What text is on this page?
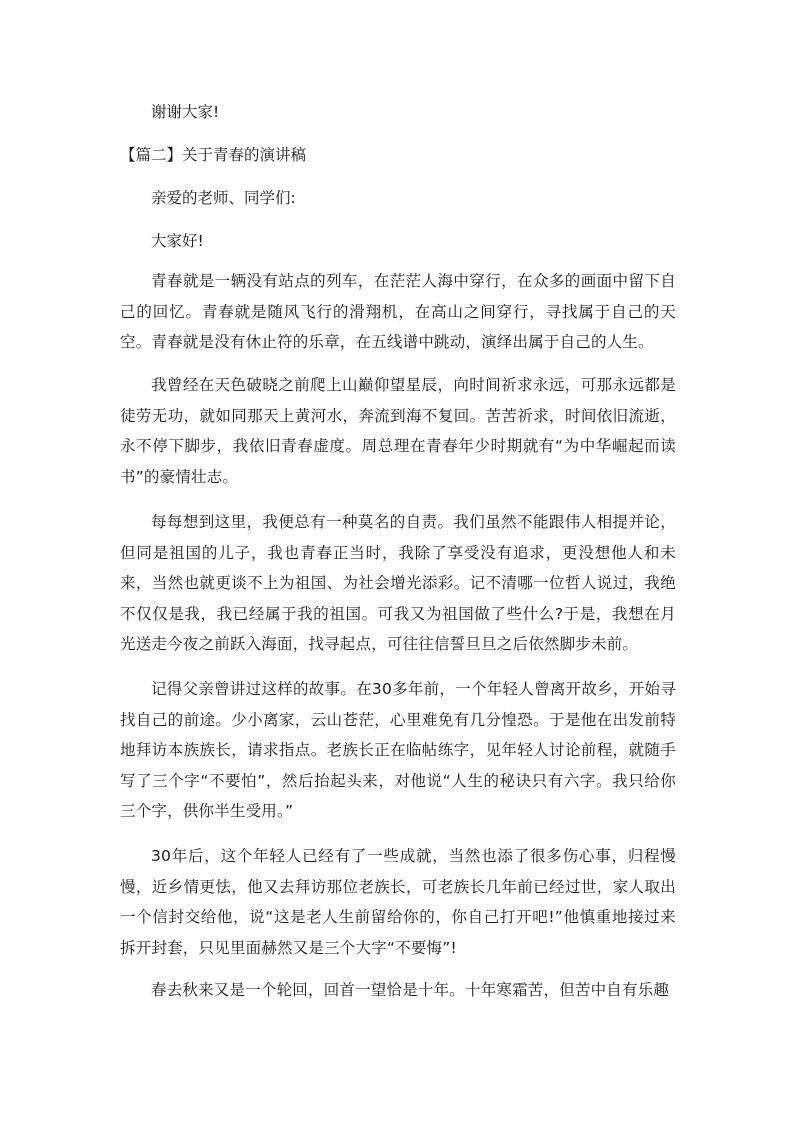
谢谢大家!

【篇二】关于青春的演讲稿

亲爱的老师、同学们:

大家好!

青春就是一辆没有站点的列车，在茫茫人海中穿行，在众多的画面中留下自己的回忆。青春就是随风飞行的滑翔机，在高山之间穿行，寻找属于自己的天空。青春就是没有休止符的乐章，在五线谱中跳动，演绎出属于自己的人生。

我曾经在天色破晓之前爬上山巅仰望星辰，向时间祈求永远，可那永远都是徒劳无功，就如同那天上黄河水，奔流到海不复回。苦苦祈求，时间依旧流逝，永不停下脚步，我依旧青春虚度。周总理在青春年少时期就有“为中华崛起而读书”的豪情壮志。

每每想到这里，我便总有一种莫名的自责。我们虽然不能跟伟人相提并论，但同是祖国的儿子，我也青春正当时，我除了享受没有追求，更没想他人和未来，当然也就更谈不上为祖国、为社会增光添彩。记不清哪一位哲人说过，我绝不仅仅是我，我已经属于我的祖国。可我又为祖国做了些什么?于是，我想在月光送走今夜之前跃入海面，找寻起点，可往往信誓旦旦之后依然脚步未前。

记得父亲曾讲过这样的故事。在30多年前，一个年轻人曾离开故乡，开始寻找自己的前途。少小离家，云山苍茫，心里难免有几分惶恐。于是他在出发前特地拜访本族族长，请求指点。老族长正在临帖练字，见年轻人讨论前程，就随手写了三个字“不要怕”，然后抬起头来，对他说“人生的秘诀只有六字。我只给你三个字，供你半生受用。”

30年后，这个年轻人已经有了一些成就，当然也添了很多伤心事，归程慢慢，近乡情更怯，他又去拜访那位老族长，可老族长几年前已经过世，家人取出一个信封交给他，说“这是老人生前留给你的，你自己打开吧!”他慎重地接过来拆开封套，只见里面赫然又是三个大字“不要悔”!

春去秋来又是一个轮回，回首一望恰是十年。十年寒霜苦，但苦中自有乐趣
